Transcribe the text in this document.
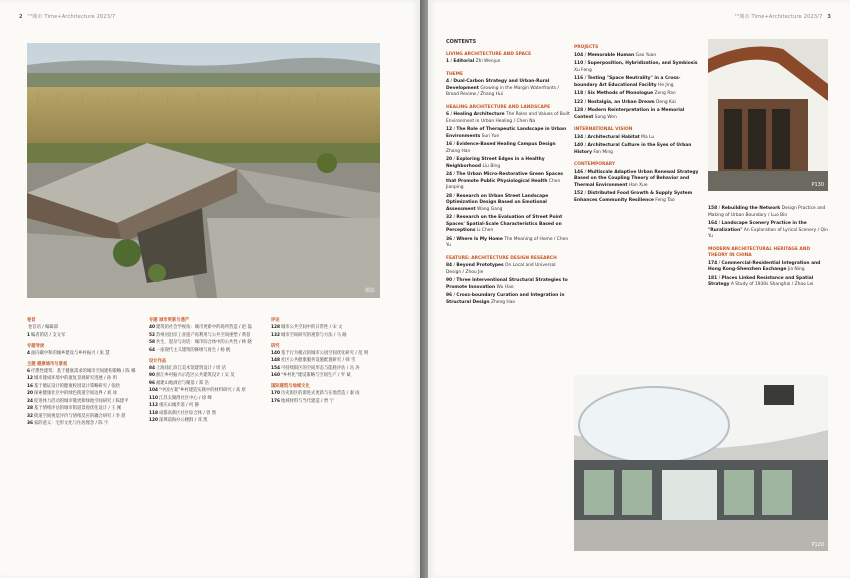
2 ᵀᴴ城市 Time+Architecture 2023/7
摄影
卷首
卷首语 / 编辑部
1编者的话 / 支文军
专题导读
4面向碳中和的城乡建设与乡村振兴 / 张 慧
主题 健康城市与景观
6疗愈性建筑：基于健康需求的城市空间建构策略 / 陈 娜
12城市建成环境中的康复景观研究进展 / 孙 玥
16基于循证设计的健康校园设计策略研究 / 张晗
20探索健康社区中的绿色街道空间边界 / 刘 冰
24促进体力活动的城市微更新绿地空间研究 / 陈建平
28基于情绪评估的城市街道景观优化设计 / 王 刚
32街道空间视觉评价与情绪反应的耦合研究 / 李 晨
36家的意义：宅形文化与住居理念 / 陈 宇
专题 城市更新与遗产
40建筑的社会学视角：城市更新中的场所营造 / 赵 磊
52苏州河沿岸工业遗产再利用与公共空间重塑 / 黄蓓
58共生、混杂与对话：城市综合体中的公共性 / 林 晓
64一座现代主义建筑的修缮与再生 / 杨 帆
设计作品
84上海徐汇滨江美术馆建筑设计 / 周 洁
90浙江乡村振兴示范区公共建筑设计 / 吴 昊
96福建山地酒店与聚落 / 郑 浩
104"中国方案"乡村建造实践中的材料研究 / 高 原
110江苏太湖湾社区中心 / 徐 峰
112重庆山城步道 / 何 静
118成都高新区社区综合体 / 曾 然
120深圳前海办公楼群 / 邓 凯
评论
128城市公共空间中的日常性 / 宋 文
132城市空间研究的观察与方法 / 马 路
研究
140基于行为模式的城市公园空间优化研究 / 范 明
148社区公共健康服务设施配置研究 / 韩 雪
154可持续街区的空间形态与能耗评估 / 冯 涛
160"乡村化"建设策略与空间生产 / 罗 斌
国际建筑与地域文化
170历史街区的渐进式更新与在地营造 / 秦 雨
176地域材料与当代建造 / 贾 宁
ᵀᴴ城市 Time+Architecture 2023/7 3
CONTENTS
LIVING ARCHITECTURE AND SPACE
1 / Editorial Zhi Wenjun
THEME
4 / Dual-Carbon Strategy and Urban-Rural Development Growing in the Margin Waterfronts / Broad Review / Zhang Hui
HEALING ARCHITECTURE AND LANDSCAPE
6 / Healing Architecture The Roles and Values of Built Environment in Urban Healing / Chen Na
12 / The Role of Therapeutic Landscape in Urban Environments Sun Yue
16 / Evidence-Based Healing Campus Design Zhang Han
20 / Exploring Street Edges in a Healthy Neighborhood Liu Bing
24 / The Urban Micro-Restorative Green Spaces that Promote Public Physiological Health Chen Jianping
28 / Research on Urban Street Landscape Optimization Design Based on Emotional Assessment Wang Gang
32 / Research on the Evaluation of Street Point Spaces' Spatial-Scale Characteristics Based on Perceptions Li Chen
36 / Where Is My Home The Meaning of Home / Chen Yu
FEATURE: ARCHITECTURE DESIGN RESEARCH
84 / Beyond Prototypes On Local and Universal Design / Zhou Jie
90 / Three Interventional Structural Strategies to Promote Innovation Wu Hao
96 / Cross-boundary Curation and Integration in Structural Design Zheng Hao
PROJECTS
104 / Memorable Human Gao Yuan
110 / Superposition, Hybridization, and Symbiosis Xu Feng
116 / Testing "Space Neutrality" in a Cross-boundary Art Educational Facility He Jing
118 / Six Methods of Monologue Zeng Ran
122 / Nostalgia, an Urban Dream Deng Kai
128 / Modern Reinterpretation in a Memorial Context Song Wen
INTERNATIONAL VISION
134 / Architectural Habitat Ma Lu
140 / Architectural Culture in the Eyes of Urban History Fan Ming
CONTEMPORARY
146 / Multiscale Adaptive Urban Renewal Strategy Based on the Coupling Theory of Behavior and Thermal Environment Han Xue
152 / Distributed Food Growth & Supply System Enhances Community Resilience Feng Tao
158 / Rebuilding the Network Design Practice and Making of Urban Boundary / Luo Bin
164 / Landscape Scenery Practice in the "Ruralization" An Exploration of Lyrical Scenery / Qin Yu
MODERN ARCHITECTURAL HERITAGE AND THEORY IN CHINA
174 / Commercial-Residential Integration and Hong Kong-Shenzhen Exchange Jia Ning
181 / Places Linked Resistance and Spatial Strategy A Study of 1930s Shanghai / Zhao Lei
P130
P120
